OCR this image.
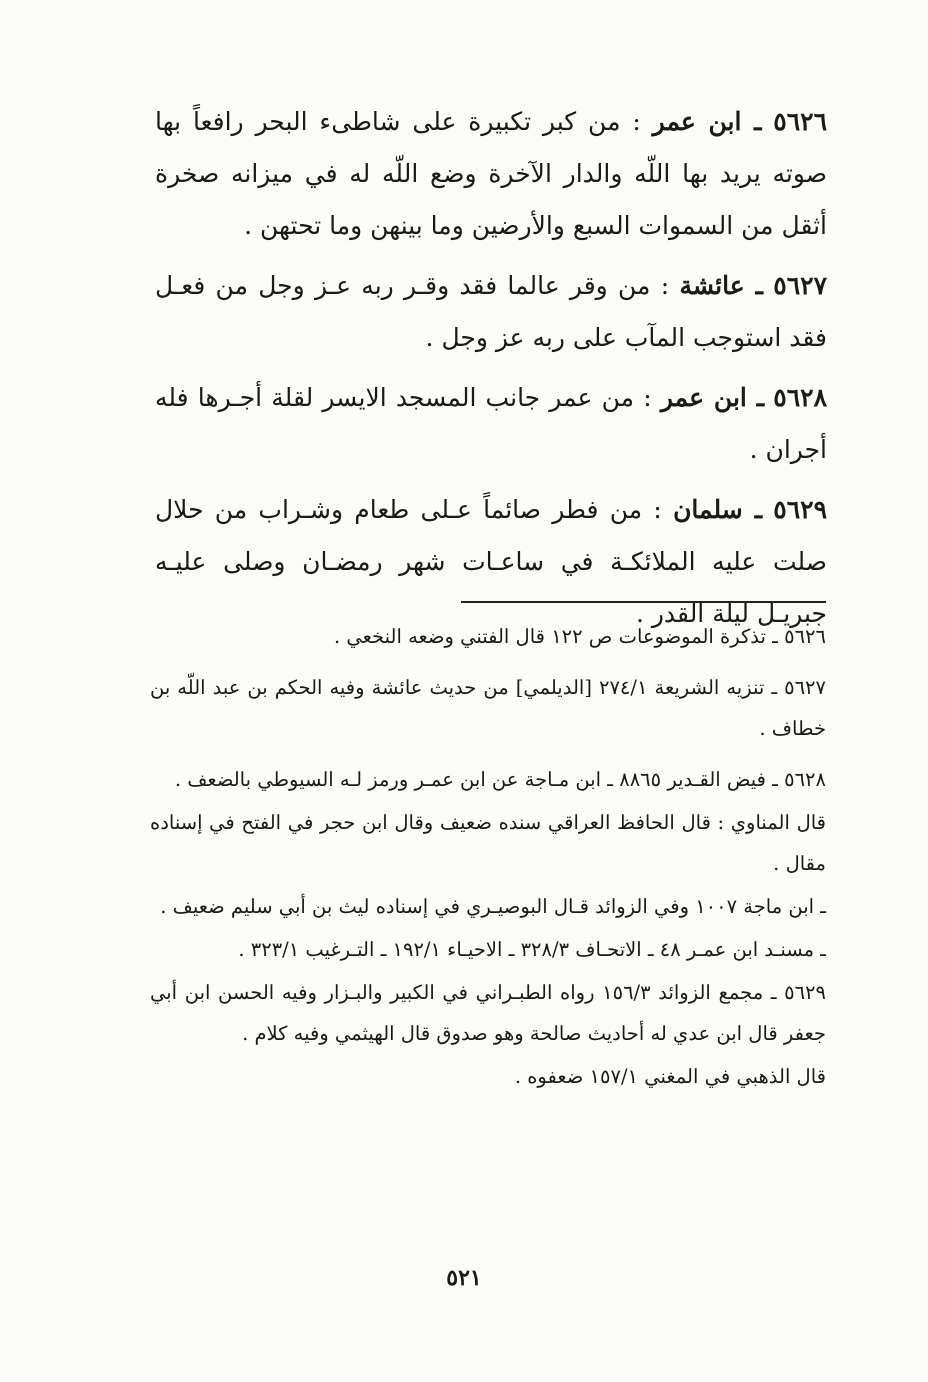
٥٦٢٦ ـ ابن عمر : من كبر تكبيرة على شاطىء البحر رافعاً بها صوته يريد بها اللّه والدار الآخرة وضع اللّه له في ميزانه صخرة أثقل من السموات السبع والأرضين وما بينهن وما تحتهن .

٥٦٢٧ ـ عائشة : من وقر عالما فقد وقـر ربه عـز وجل من فعـل فقد استوجب المآب على ربه عز وجل .

٥٦٢٨ ـ ابن عمر : من عمر جانب المسجد الايسر لقلة أجـرها فله أجران .

٥٦٢٩ ـ سلمان : من فطر صائماً عـلى طعام وشـراب من حلال صلت عليه الملائكـة في ساعـات شهر رمضـان وصلى عليـه جبريـل ليلة القدر .

٥٦٢٦ ـ تذكرة الموضوعات ص ١٢٢ قال الفتني وضعه النخعي .

٥٦٢٧ ـ تنزيه الشريعة ٢٧٤/١ [الديلمي] من حديث عائشة وفيه الحكم بن عبد اللّه بن خطاف .

٥٦٢٨ ـ فيض القـدير ٨٨٦٥ ـ ابن مـاجة عن ابن عمـر ورمز لـه السيوطي بالضعف .

قال المناوي : قال الحافظ العراقي سنده ضعيف وقال ابن حجر في الفتح في إسناده مقال .

ـ ابن ماجة ١٠٠٧ وفي الزوائد قـال البوصيـري في إسناده ليث بن أبي سليم ضعيف .

ـ مسنـد ابن عمـر ٤٨ ـ الاتحـاف ٣٢٨/٣ ـ الاحيـاء ١٩٢/١ ـ التـرغيب ٣٢٣/١ .

٥٦٢٩ ـ مجمع الزوائد ١٥٦/٣ رواه الطبـراني في الكبير والبـزار وفيه الحسن ابن أبي جعفر قال ابن عدي له أحاديث صالحة وهو صدوق قال الهيثمي وفيه كلام .

قال الذهبي في المغني ١٥٧/١ ضعفوه .

٥٢١
